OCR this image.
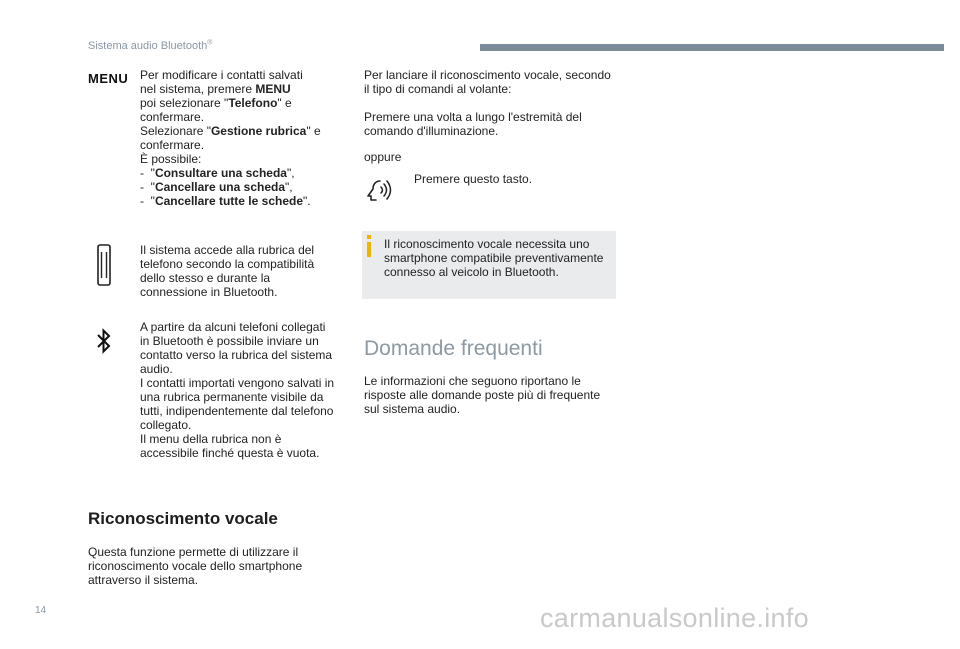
Sistema audio Bluetooth®
MENU Per modificare i contatti salvati

nel sistema, premere MENU

poi selezionare "Telefono" e

confermare.

Selezionare "Gestione rubrica" e

confermare.

È possibile:

- "Consultare una scheda",

- "Cancellare una scheda",

- "Cancellare tutte le schede".

Il sistema accede alla rubrica del

telefono secondo la compatibilità

dello stesso e durante la

connessione in Bluetooth.

A partire da alcuni telefoni collegati

in Bluetooth è possibile inviare un

contatto verso la rubrica del sistema

audio.

I contatti importati vengono salvati in

una rubrica permanente visibile da

tutti, indipendentemente dal telefono

collegato.

Il menu della rubrica non è

accessibile finché questa è vuota.

Riconoscimento vocale

Questa funzione permette di utilizzare il

riconoscimento vocale dello smartphone

attraverso il sistema.

Per lanciare il riconoscimento vocale, secondo

il tipo di comandi al volante:

Premere una volta a lungo l'estremità del

comando d'illuminazione.

oppure
Premere questo tasto.

Il riconoscimento vocale necessita uno

smartphone compatibile preventivamente

connesso al veicolo in Bluetooth.

Domande frequenti

Le informazioni che seguono riportano le

risposte alle domande poste più di frequente

sul sistema audio.

14	carmanualsonline.info
